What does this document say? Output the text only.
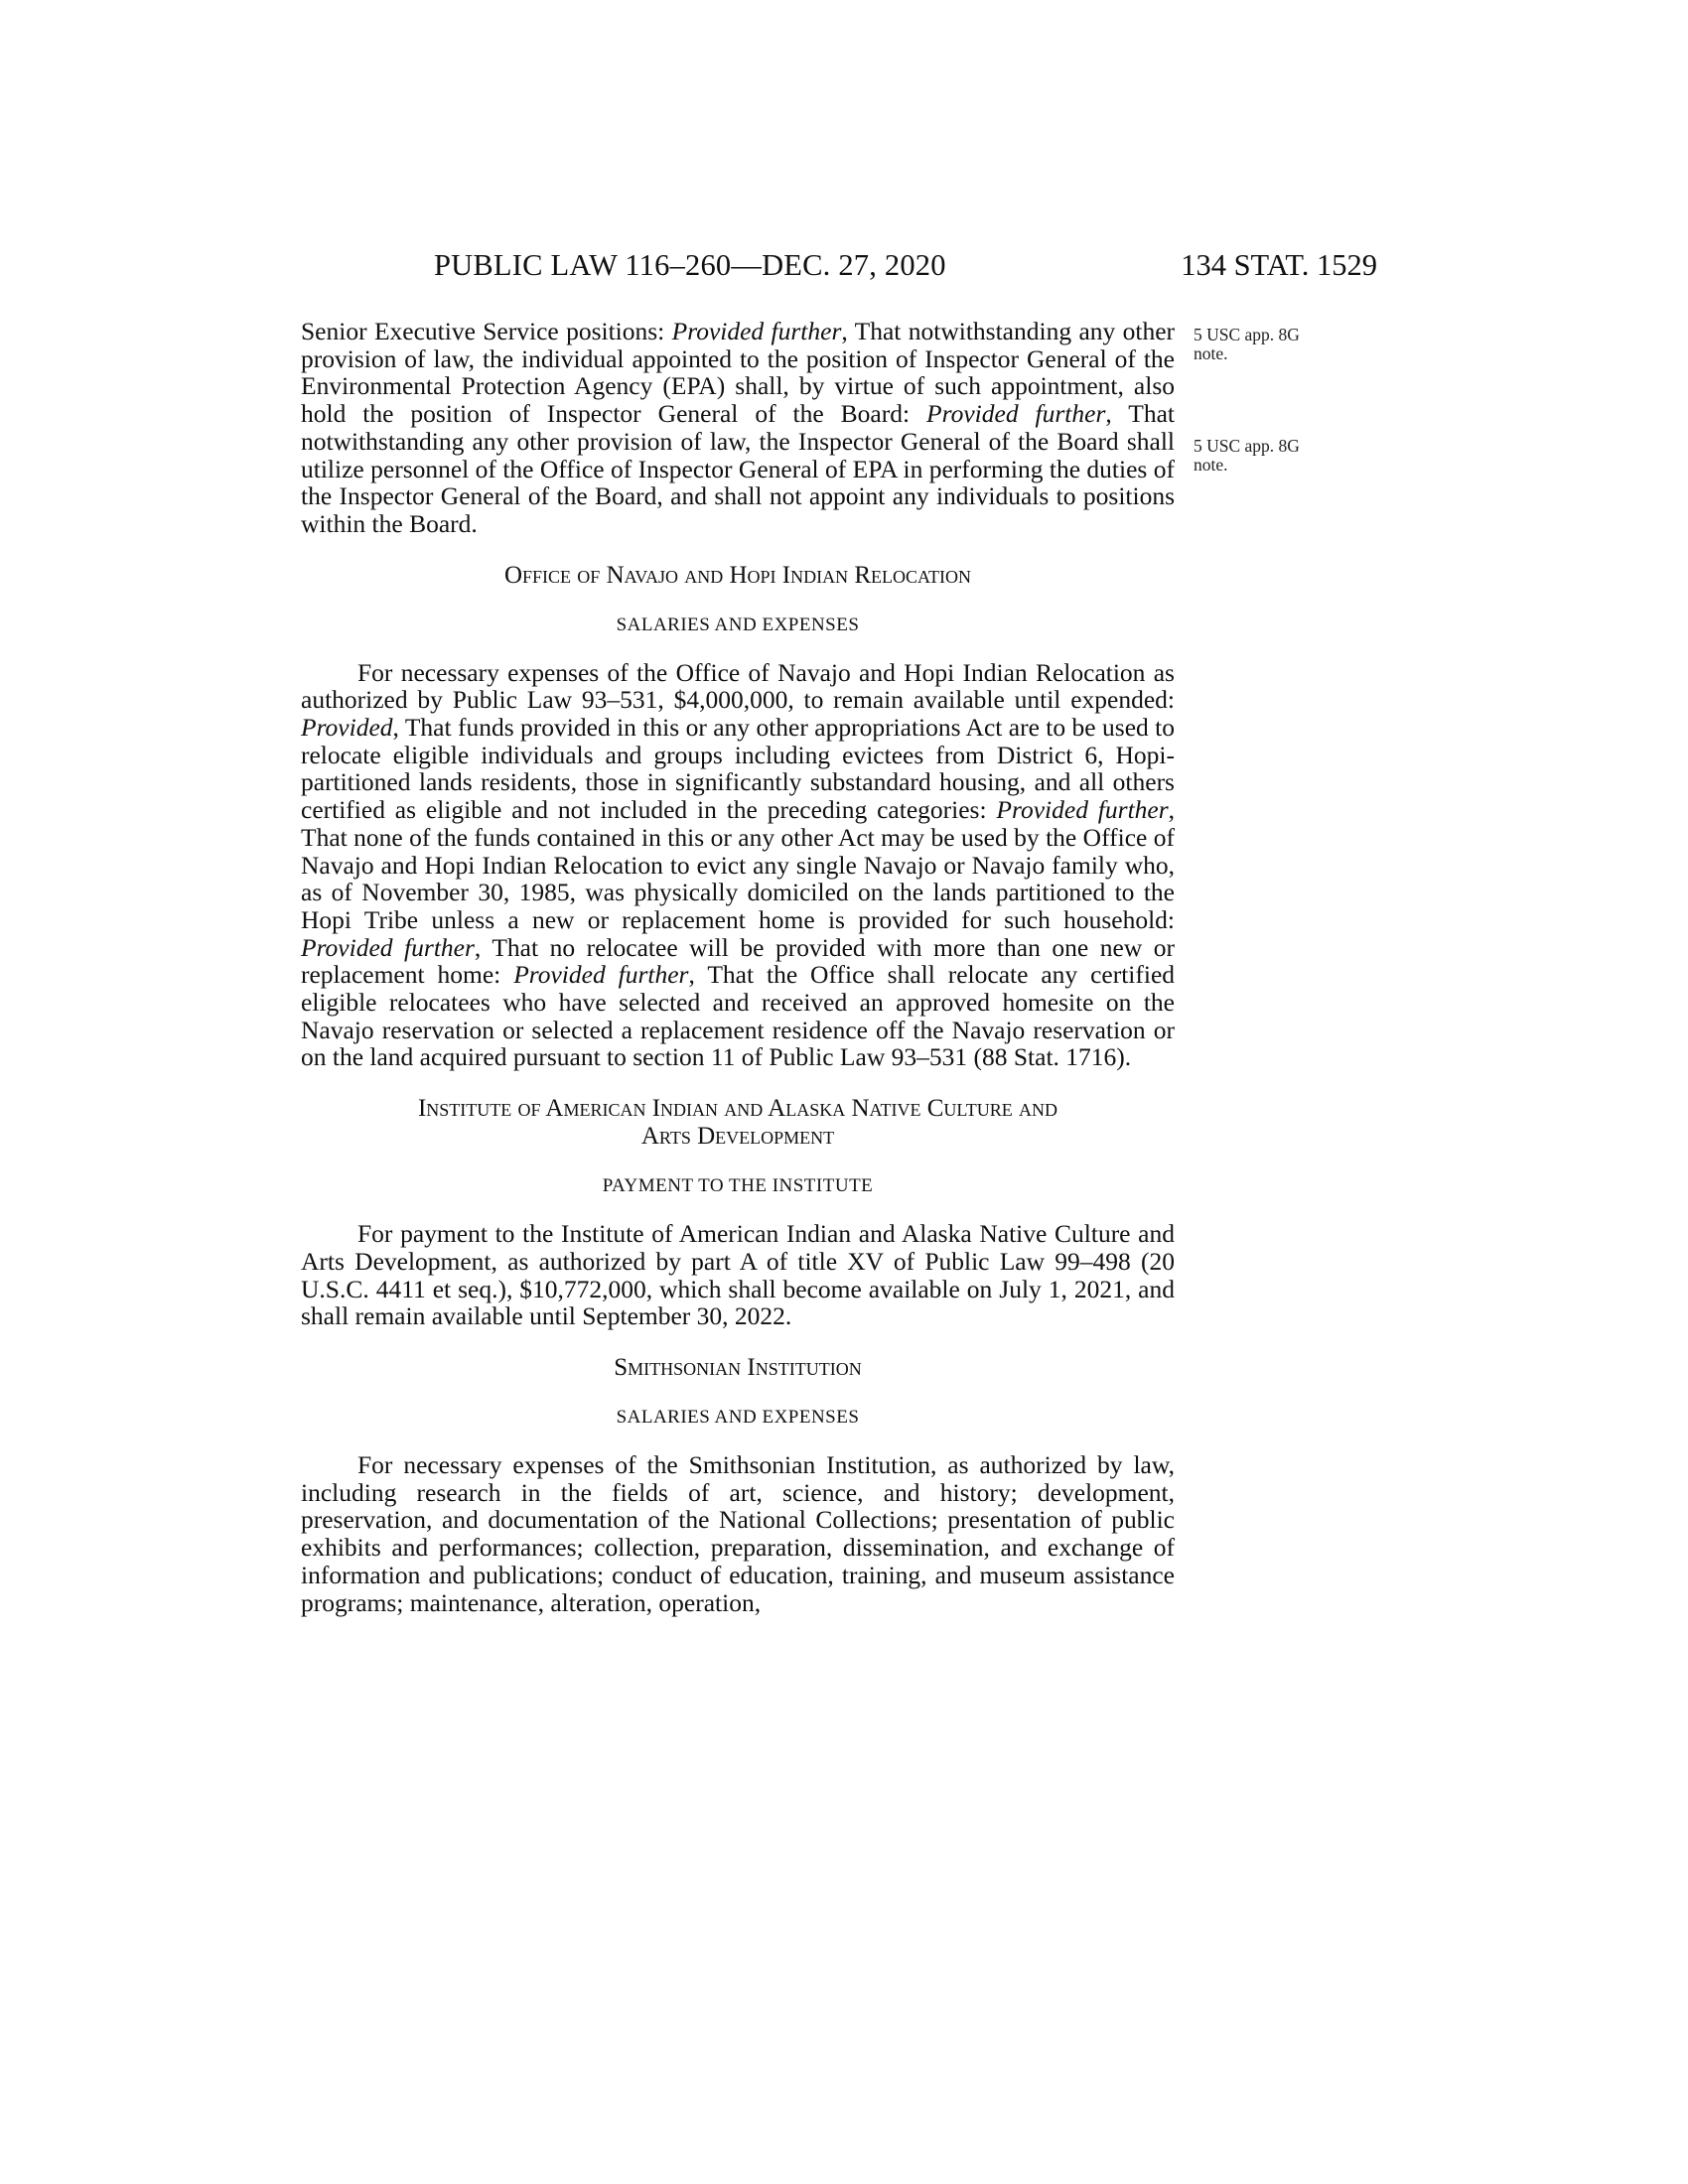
PUBLIC LAW 116–260—DEC. 27, 2020	134 STAT. 1529
5 USC app. 8G
note.
5 USC app. 8G
note.

Senior Executive Service positions: Provided further, That notwithstanding any other provision of law, the individual appointed to the position of Inspector General of the Environmental Protection Agency (EPA) shall, by virtue of such appointment, also hold the position of Inspector General of the Board: Provided further, That notwithstanding any other provision of law, the Inspector General of the Board shall utilize personnel of the Office of Inspector General of EPA in performing the duties of the Inspector General of the Board, and shall not appoint any individuals to positions within the Board.

Office of Navajo and Hopi Indian Relocation

SALARIES AND EXPENSES

For necessary expenses of the Office of Navajo and Hopi Indian Relocation as authorized by Public Law 93–531, $4,000,000, to remain available until expended: Provided, That funds provided in this or any other appropriations Act are to be used to relocate eligible individuals and groups including evictees from District 6, Hopi-partitioned lands residents, those in significantly substandard housing, and all others certified as eligible and not included in the preceding categories: Provided further, That none of the funds contained in this or any other Act may be used by the Office of Navajo and Hopi Indian Relocation to evict any single Navajo or Navajo family who, as of November 30, 1985, was physically domiciled on the lands partitioned to the Hopi Tribe unless a new or replacement home is provided for such household: Provided further, That no relocatee will be provided with more than one new or replacement home: Provided further, That the Office shall relocate any certified eligible relocatees who have selected and received an approved homesite on the Navajo reservation or selected a replacement residence off the Navajo reservation or on the land acquired pursuant to section 11 of Public Law 93–531 (88 Stat. 1716).

Institute of American Indian and Alaska Native Culture and
Arts Development

PAYMENT TO THE INSTITUTE

For payment to the Institute of American Indian and Alaska Native Culture and Arts Development, as authorized by part A of title XV of Public Law 99–498 (20 U.S.C. 4411 et seq.), $10,772,000, which shall become available on July 1, 2021, and shall remain available until September 30, 2022.

Smithsonian Institution

SALARIES AND EXPENSES

For necessary expenses of the Smithsonian Institution, as authorized by law, including research in the fields of art, science, and history; development, preservation, and documentation of the National Collections; presentation of public exhibits and performances; collection, preparation, dissemination, and exchange of information and publications; conduct of education, training, and museum assistance programs; maintenance, alteration, operation,
